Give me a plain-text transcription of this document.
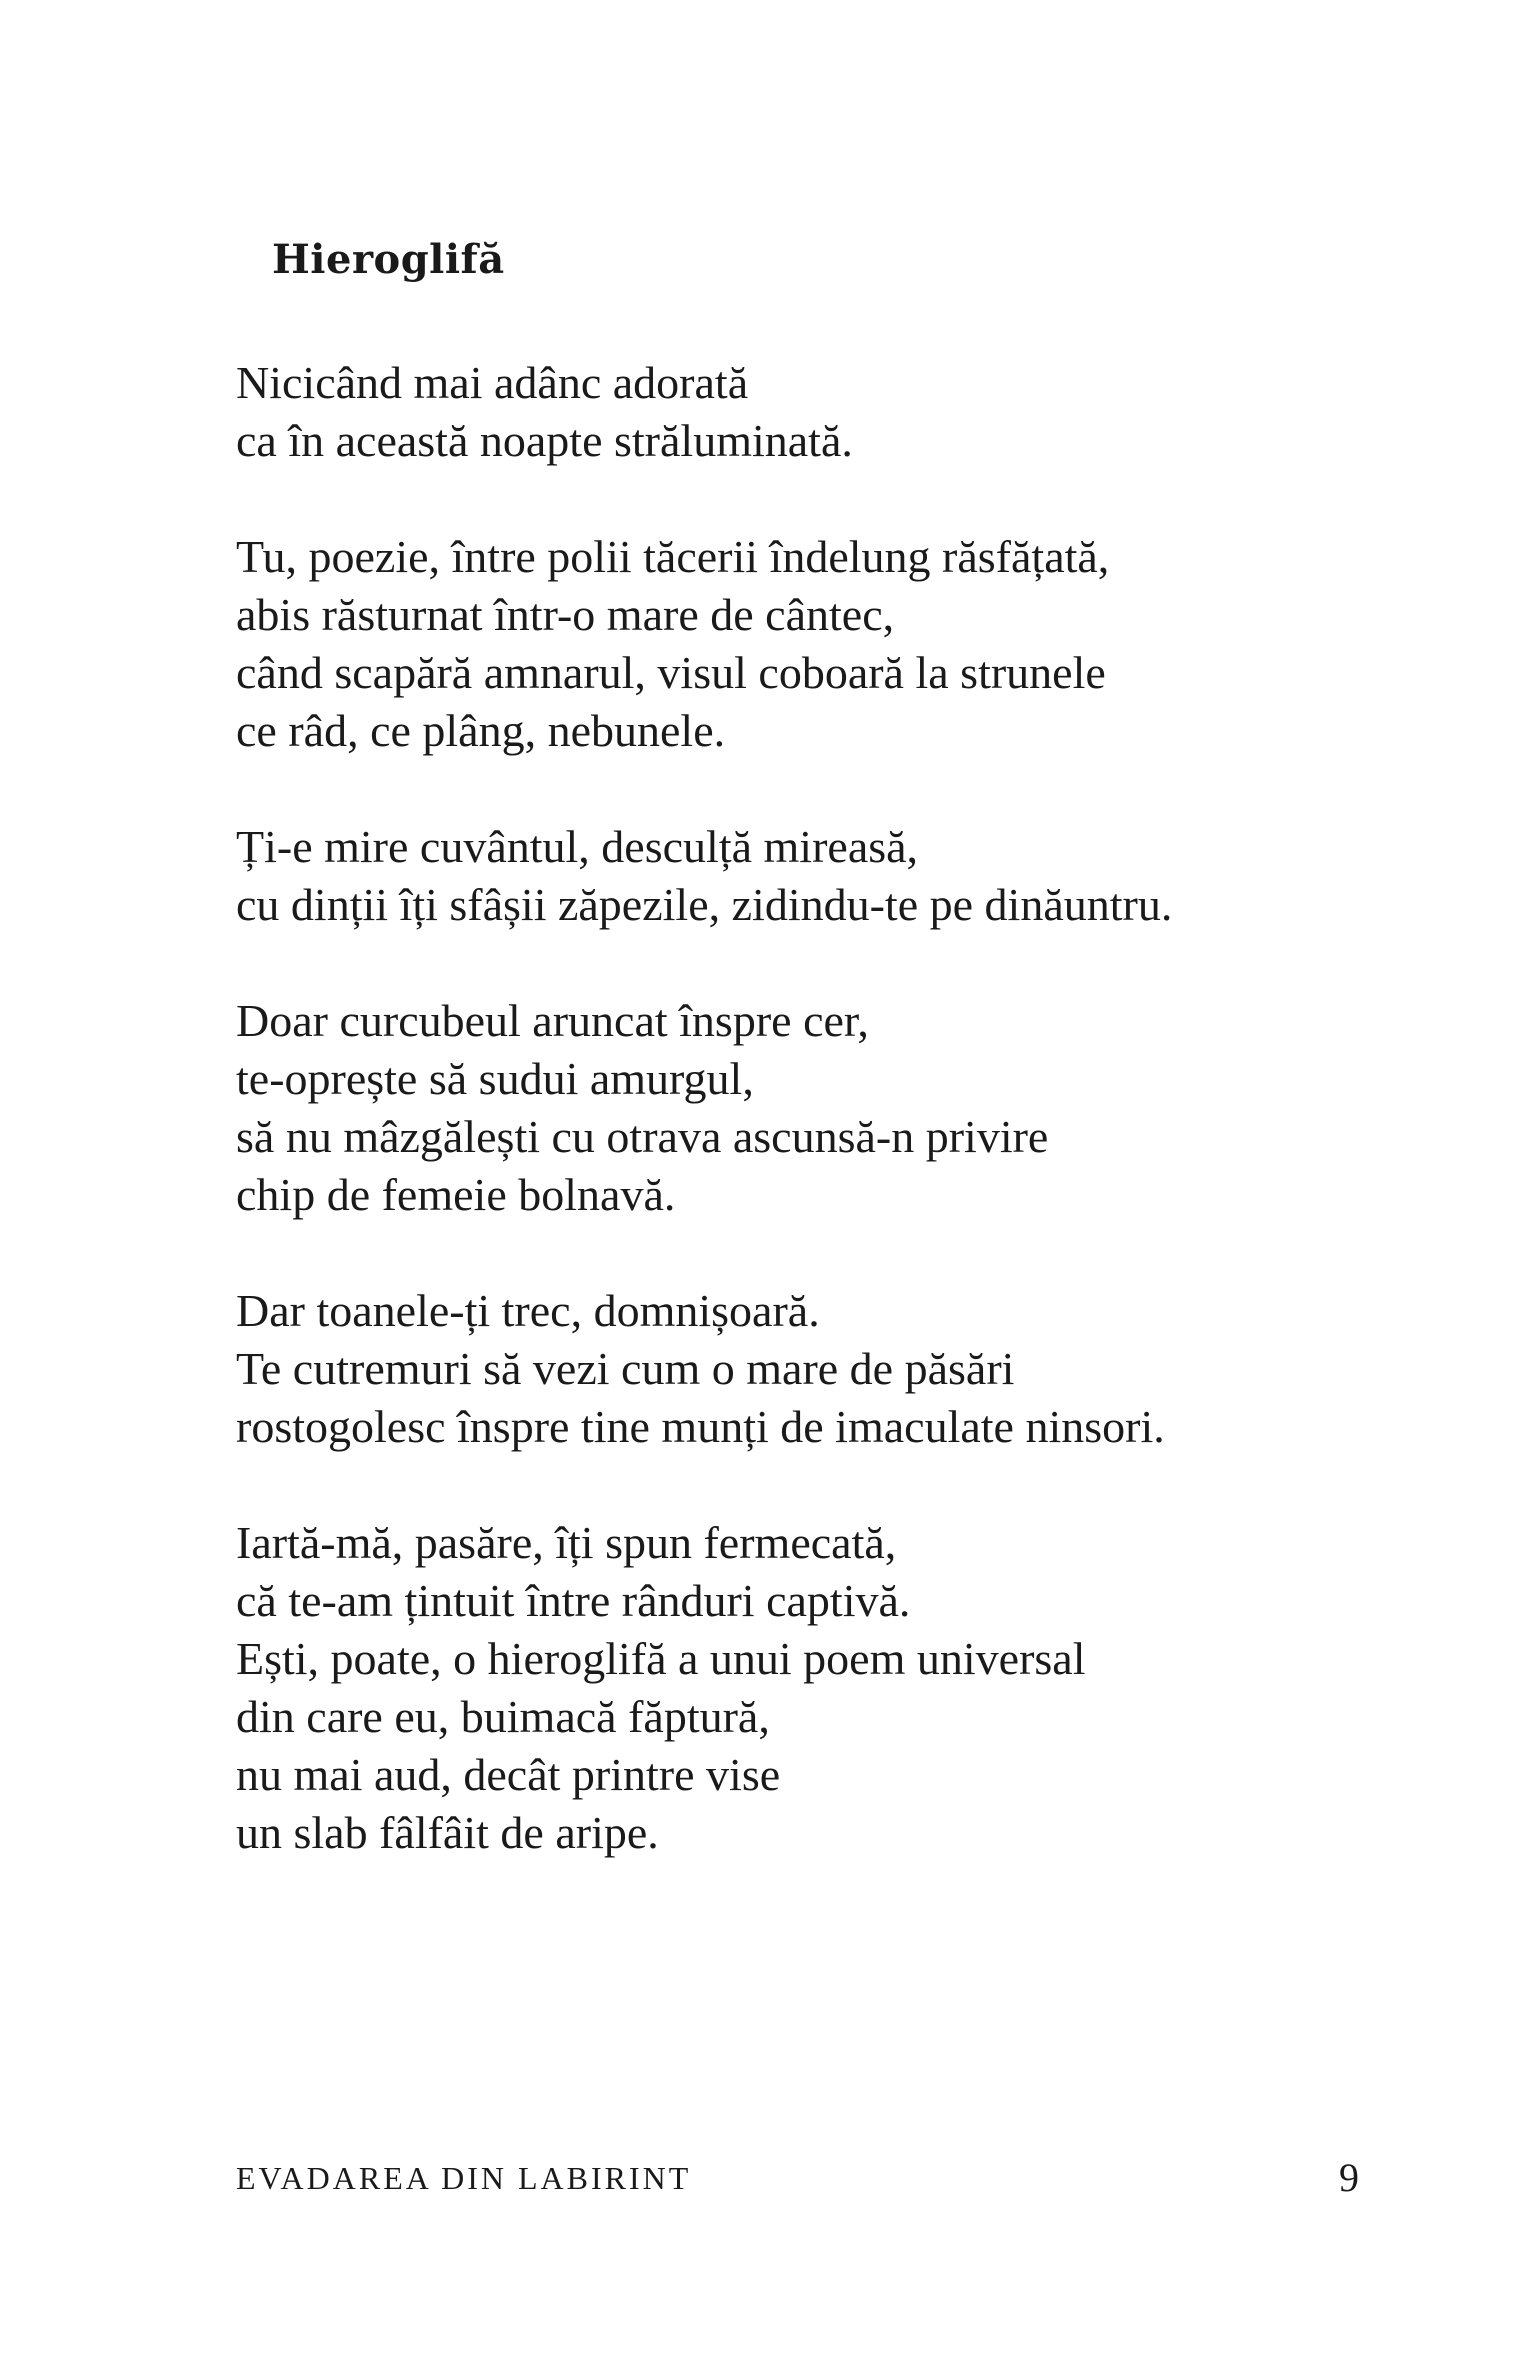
Hieroglifă

Nicicând mai adânc adorată
ca în această noapte străluminată.

Tu, poezie, între polii tăcerii îndelung răsfățată,
abis răsturnat într-o mare de cântec,
când scapără amnarul, visul coboară la strunele
ce râd, ce plâng, nebunele.

Ți-e mire cuvântul, desculță mireasă,
cu dinții îți sfâșii zăpezile, zidindu-te pe dinăuntru.

Doar curcubeul aruncat înspre cer,
te-oprește să sudui amurgul,
să nu mâzgălești cu otrava ascunsă-n privire
chip de femeie bolnavă.

Dar toanele-ți trec, domnișoară.
Te cutremuri să vezi cum o mare de păsări
rostogolesc înspre tine munți de imaculate ninsori.

Iartă-mă, pasăre, îți spun fermecată,
că te-am țintuit între rânduri captivă.
Ești, poate, o hieroglifă a unui poem universal
din care eu, buimacă făptură,
nu mai aud, decât printre vise
un slab fâlfâit de aripe.

EVADAREA DIN LABIRINT	9
